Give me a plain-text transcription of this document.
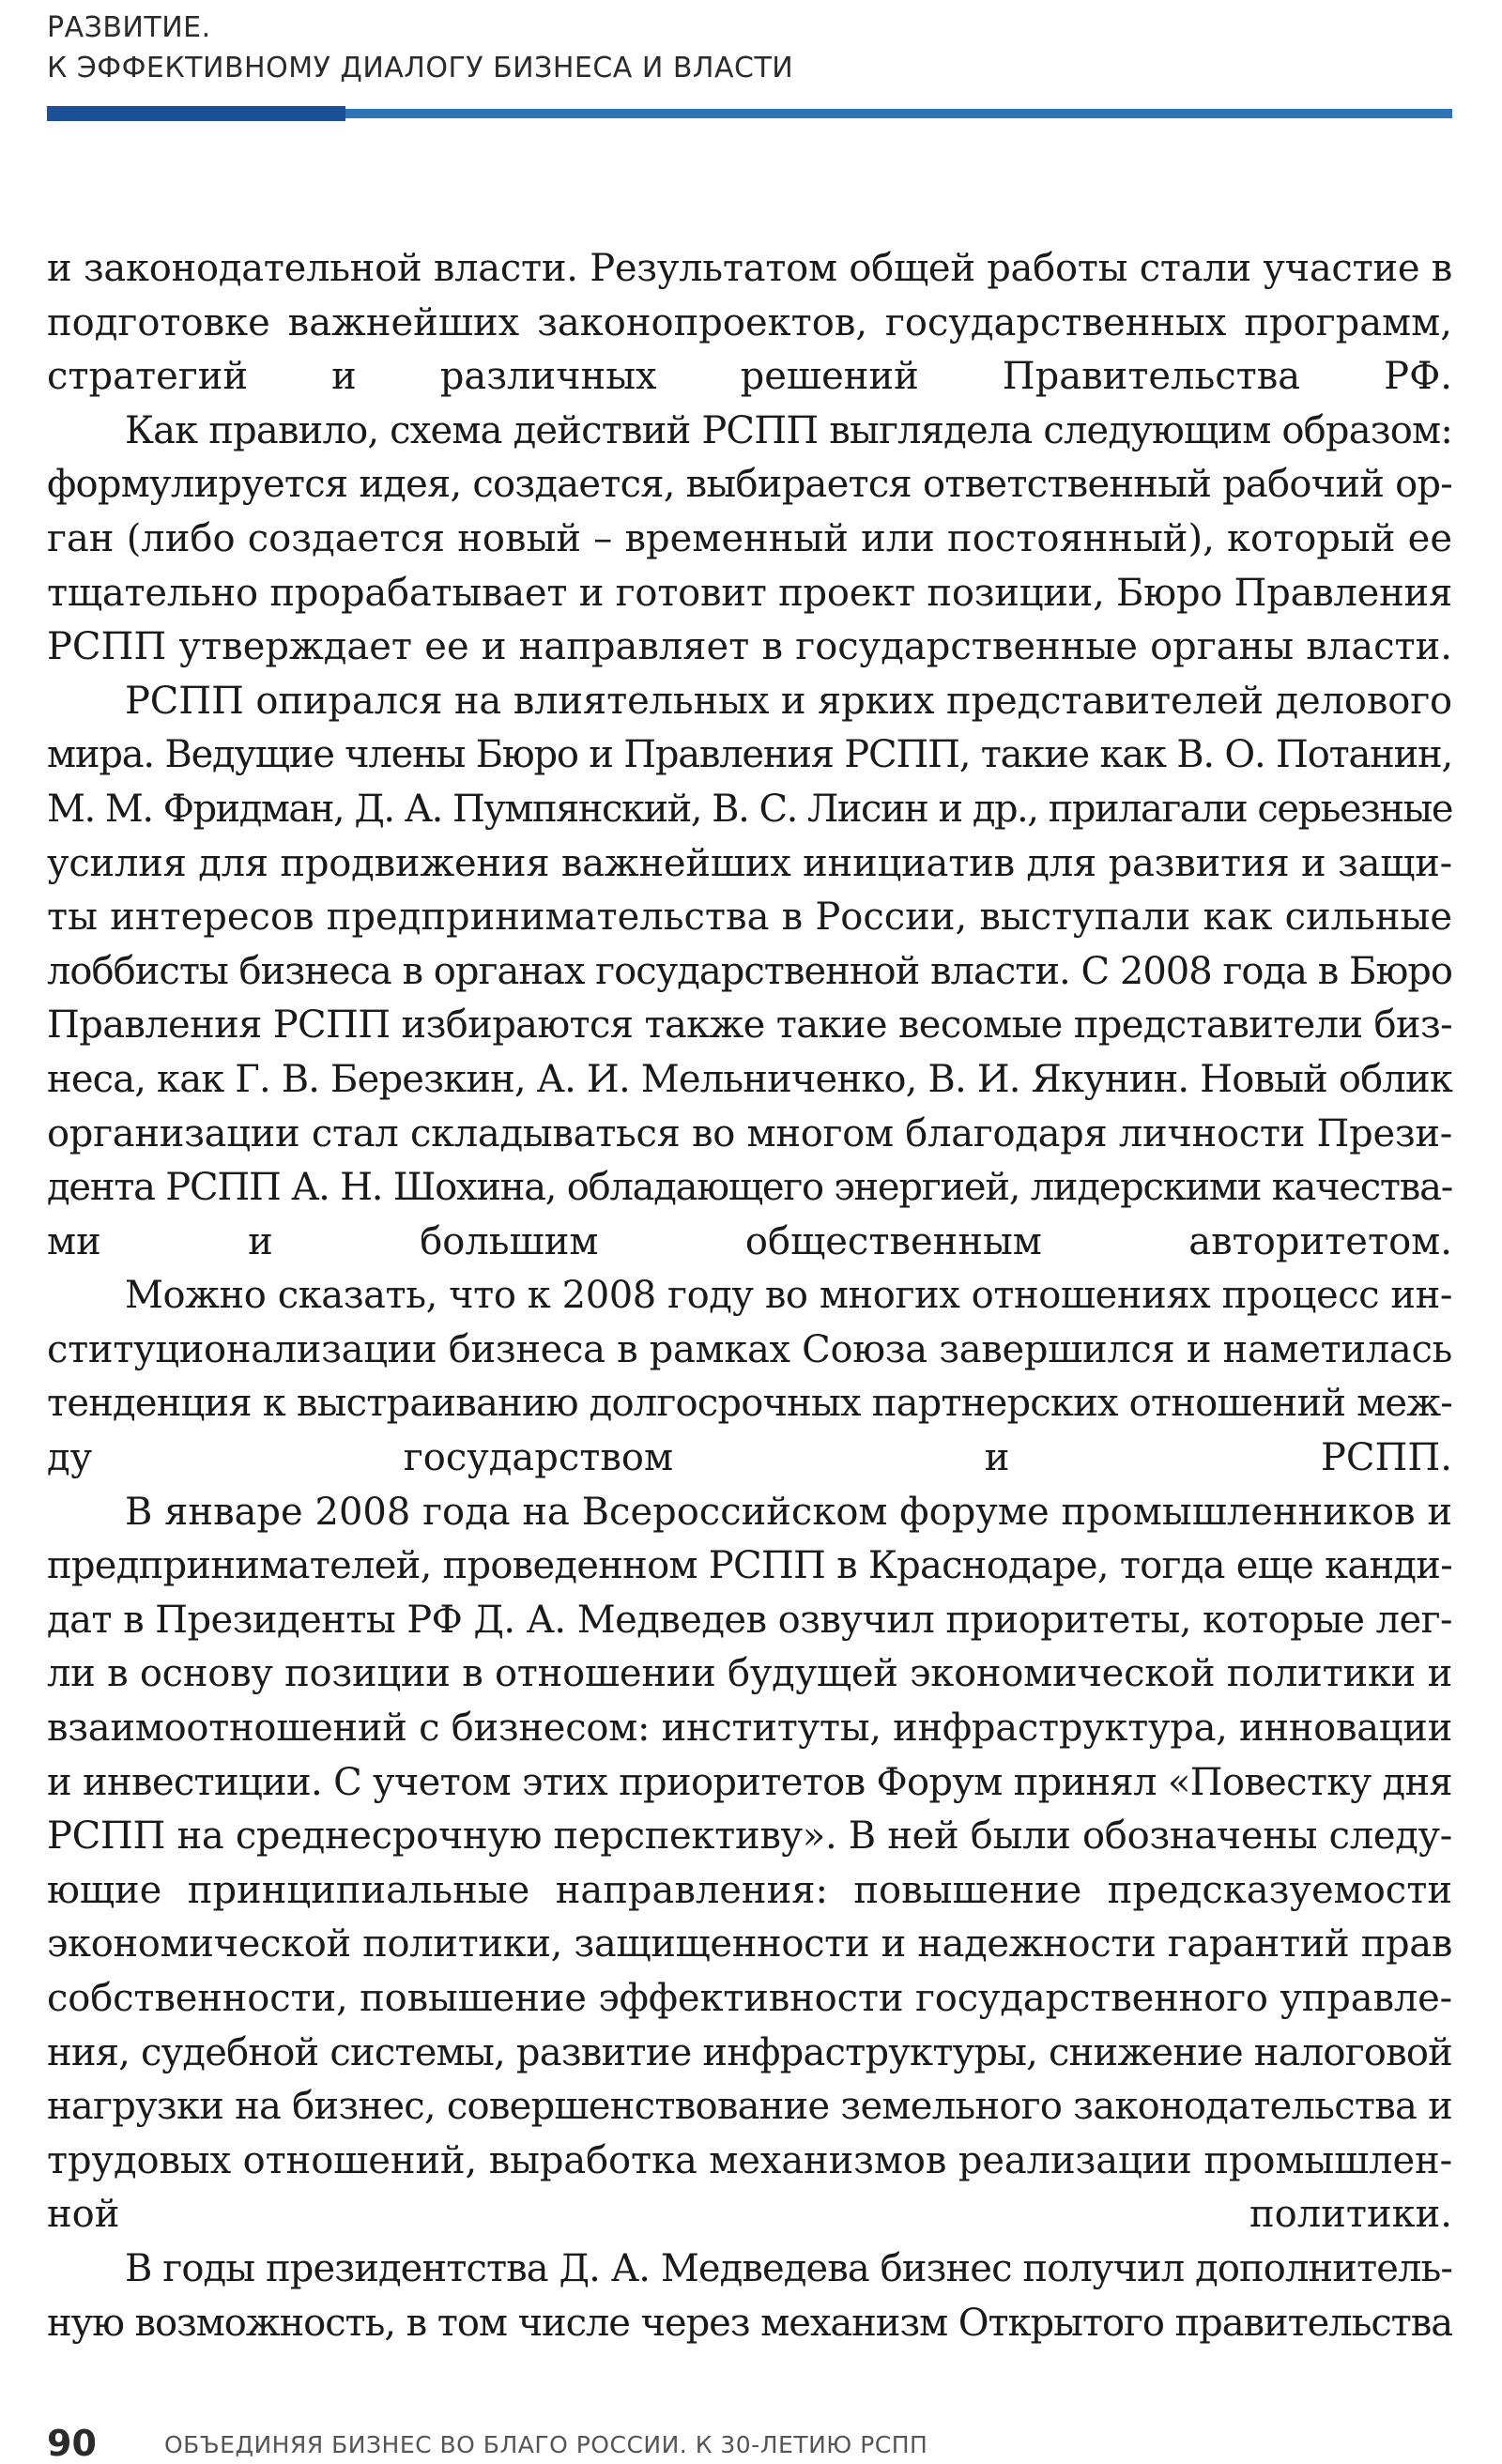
РАЗВИТИЕ.
К ЭФФЕКТИВНОМУ ДИАЛОГУ БИЗНЕСА И ВЛАСТИ
и законодательной власти. Результатом общей работы стали участие в
подготовке важнейших законопроектов, государственных программ,
стратегий и различных решений Правительства РФ.
Как правило, схема действий РСПП выглядела следующим образом:
формулируется идея, создается, выбирается ответственный рабочий ор-
ган (либо создается новый – временный или постоянный), который ее
тщательно прорабатывает и готовит проект позиции, Бюро Правления
РСПП утверждает ее и направляет в государственные органы власти.
РСПП опирался на влиятельных и ярких представителей делового
мира. Ведущие члены Бюро и Правления РСПП, такие как В. О. Потанин,
М. М. Фридман, Д. А. Пумпянский, В. С. Лисин и др., прилагали серьезные
усилия для продвижения важнейших инициатив для развития и защи-
ты интересов предпринимательства в России, выступали как сильные
лоббисты бизнеса в органах государственной власти. С 2008 года в Бюро
Правления РСПП избираются также такие весомые представители биз-
неса, как Г. В. Березкин, А. И. Мельниченко, В. И. Якунин. Новый облик
организации стал складываться во многом благодаря личности Прези-
дента РСПП А. Н. Шохина, обладающего энергией, лидерскими качества-
ми и большим общественным авторитетом.
Можно сказать, что к 2008 году во многих отношениях процесс ин-
ституционализации бизнеса в рамках Союза завершился и наметилась
тенденция к выстраиванию долгосрочных партнерских отношений меж-
ду государством и РСПП.
В январе 2008 года на Всероссийском форуме промышленников и
предпринимателей, проведенном РСПП в Краснодаре, тогда еще канди-
дат в Президенты РФ Д. А. Медведев озвучил приоритеты, которые лег-
ли в основу позиции в отношении будущей экономической политики и
взаимоотношений с бизнесом: институты, инфраструктура, инновации
и инвестиции. С учетом этих приоритетов Форум принял «Повестку дня
РСПП на среднесрочную перспективу». В ней были обозначены следу-
ющие принципиальные направления: повышение предсказуемости
экономической политики, защищенности и надежности гарантий прав
собственности, повышение эффективности государственного управле-
ния, судебной системы, развитие инфраструктуры, снижение налоговой
нагрузки на бизнес, совершенствование земельного законодательства и
трудовых отношений, выработка механизмов реализации промышлен-
ной политики.
В годы президентства Д. А. Медведева бизнес получил дополнитель-
ную возможность, в том числе через механизм Открытого правительства
90	ОБЪЕДИНЯЯ БИЗНЕС ВО БЛАГО РОССИИ. К 30-ЛЕТИЮ РСПП
